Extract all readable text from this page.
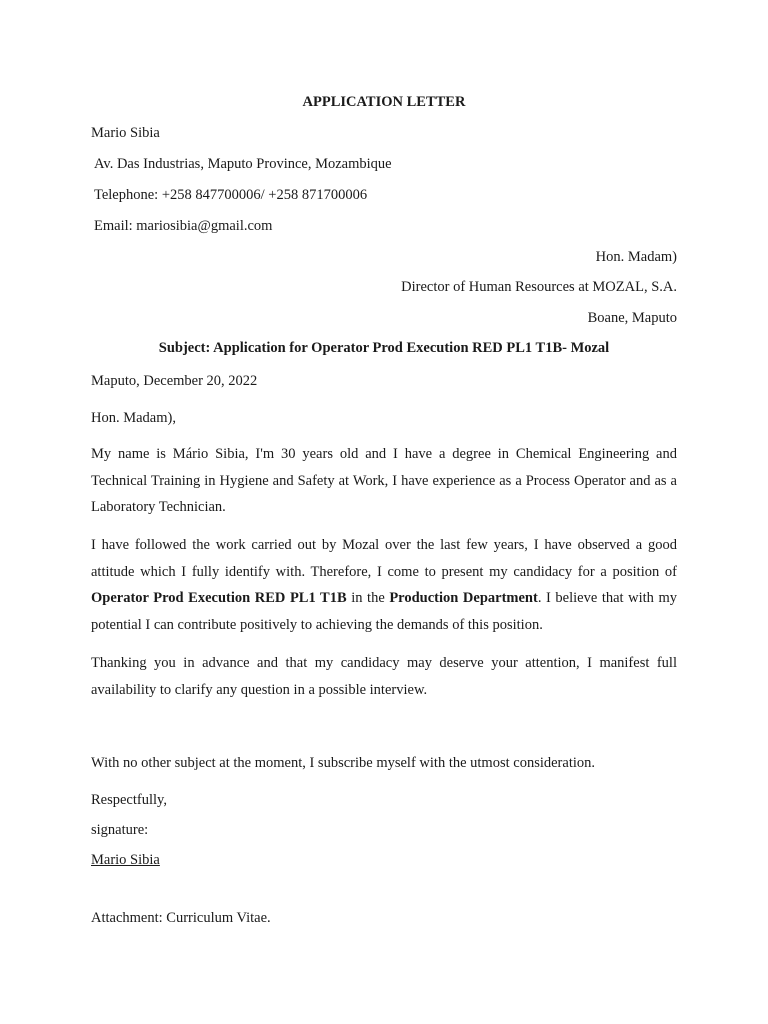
APPLICATION LETTER

Mario Sibia

Av. Das Industrias, Maputo Province, Mozambique

Telephone: +258 847700006/ +258 871700006

Email: mariosibia@gmail.com

Hon. Madam)

Director of Human Resources at MOZAL, S.A.

Boane, Maputo

Subject: Application for Operator Prod Execution RED PL1 T1B- Mozal

Maputo, December 20, 2022

Hon. Madam),

My name is Mário Sibia, I'm 30 years old and I have a degree in Chemical Engineering and Technical Training in Hygiene and Safety at Work, I have experience as a Process Operator and as a Laboratory Technician.

I have followed the work carried out by Mozal over the last few years, I have observed a good attitude which I fully identify with. Therefore, I come to present my candidacy for a position of Operator Prod Execution RED PL1 T1B in the Production Department. I believe that with my potential I can contribute positively to achieving the demands of this position.

Thanking you in advance and that my candidacy may deserve your attention, I manifest full availability to clarify any question in a possible interview.

With no other subject at the moment, I subscribe myself with the utmost consideration.

Respectfully,

signature:

Mario Sibia

Attachment: Curriculum Vitae.
